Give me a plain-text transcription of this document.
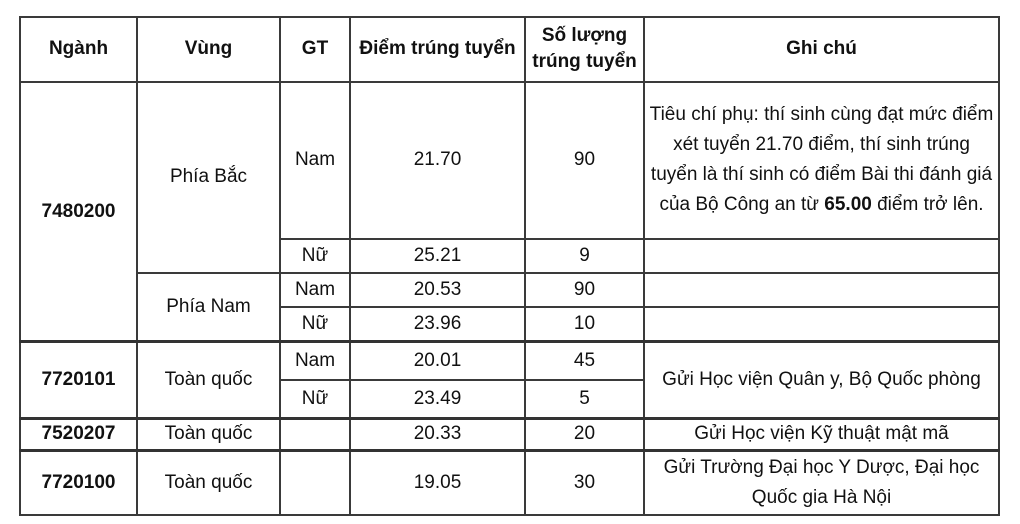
Ngành	Vùng	GT	Điểm trúng tuyển	Số lượng trúng tuyển	Ghi chú
7480200	Phía Bắc	Nam	21.70	90	Tiêu chí phụ: thí sinh cùng đạt mức điểm xét tuyển 21.70 điểm, thí sinh trúng tuyển là thí sinh có điểm Bài thi đánh giá của Bộ Công an từ 65.00 điểm trở lên.
		Nữ	25.21	9	
	Phía Nam	Nam	20.53	90	
		Nữ	23.96	10	
7720101	Toàn quốc	Nam	20.01	45	Gửi Học viện Quân y, Bộ Quốc phòng
		Nữ	23.49	5	
7520207	Toàn quốc		20.33	20	Gửi Học viện Kỹ thuật mật mã
7720100	Toàn quốc		19.05	30	Gửi Trường Đại học Y Dược, Đại học Quốc gia Hà Nội
